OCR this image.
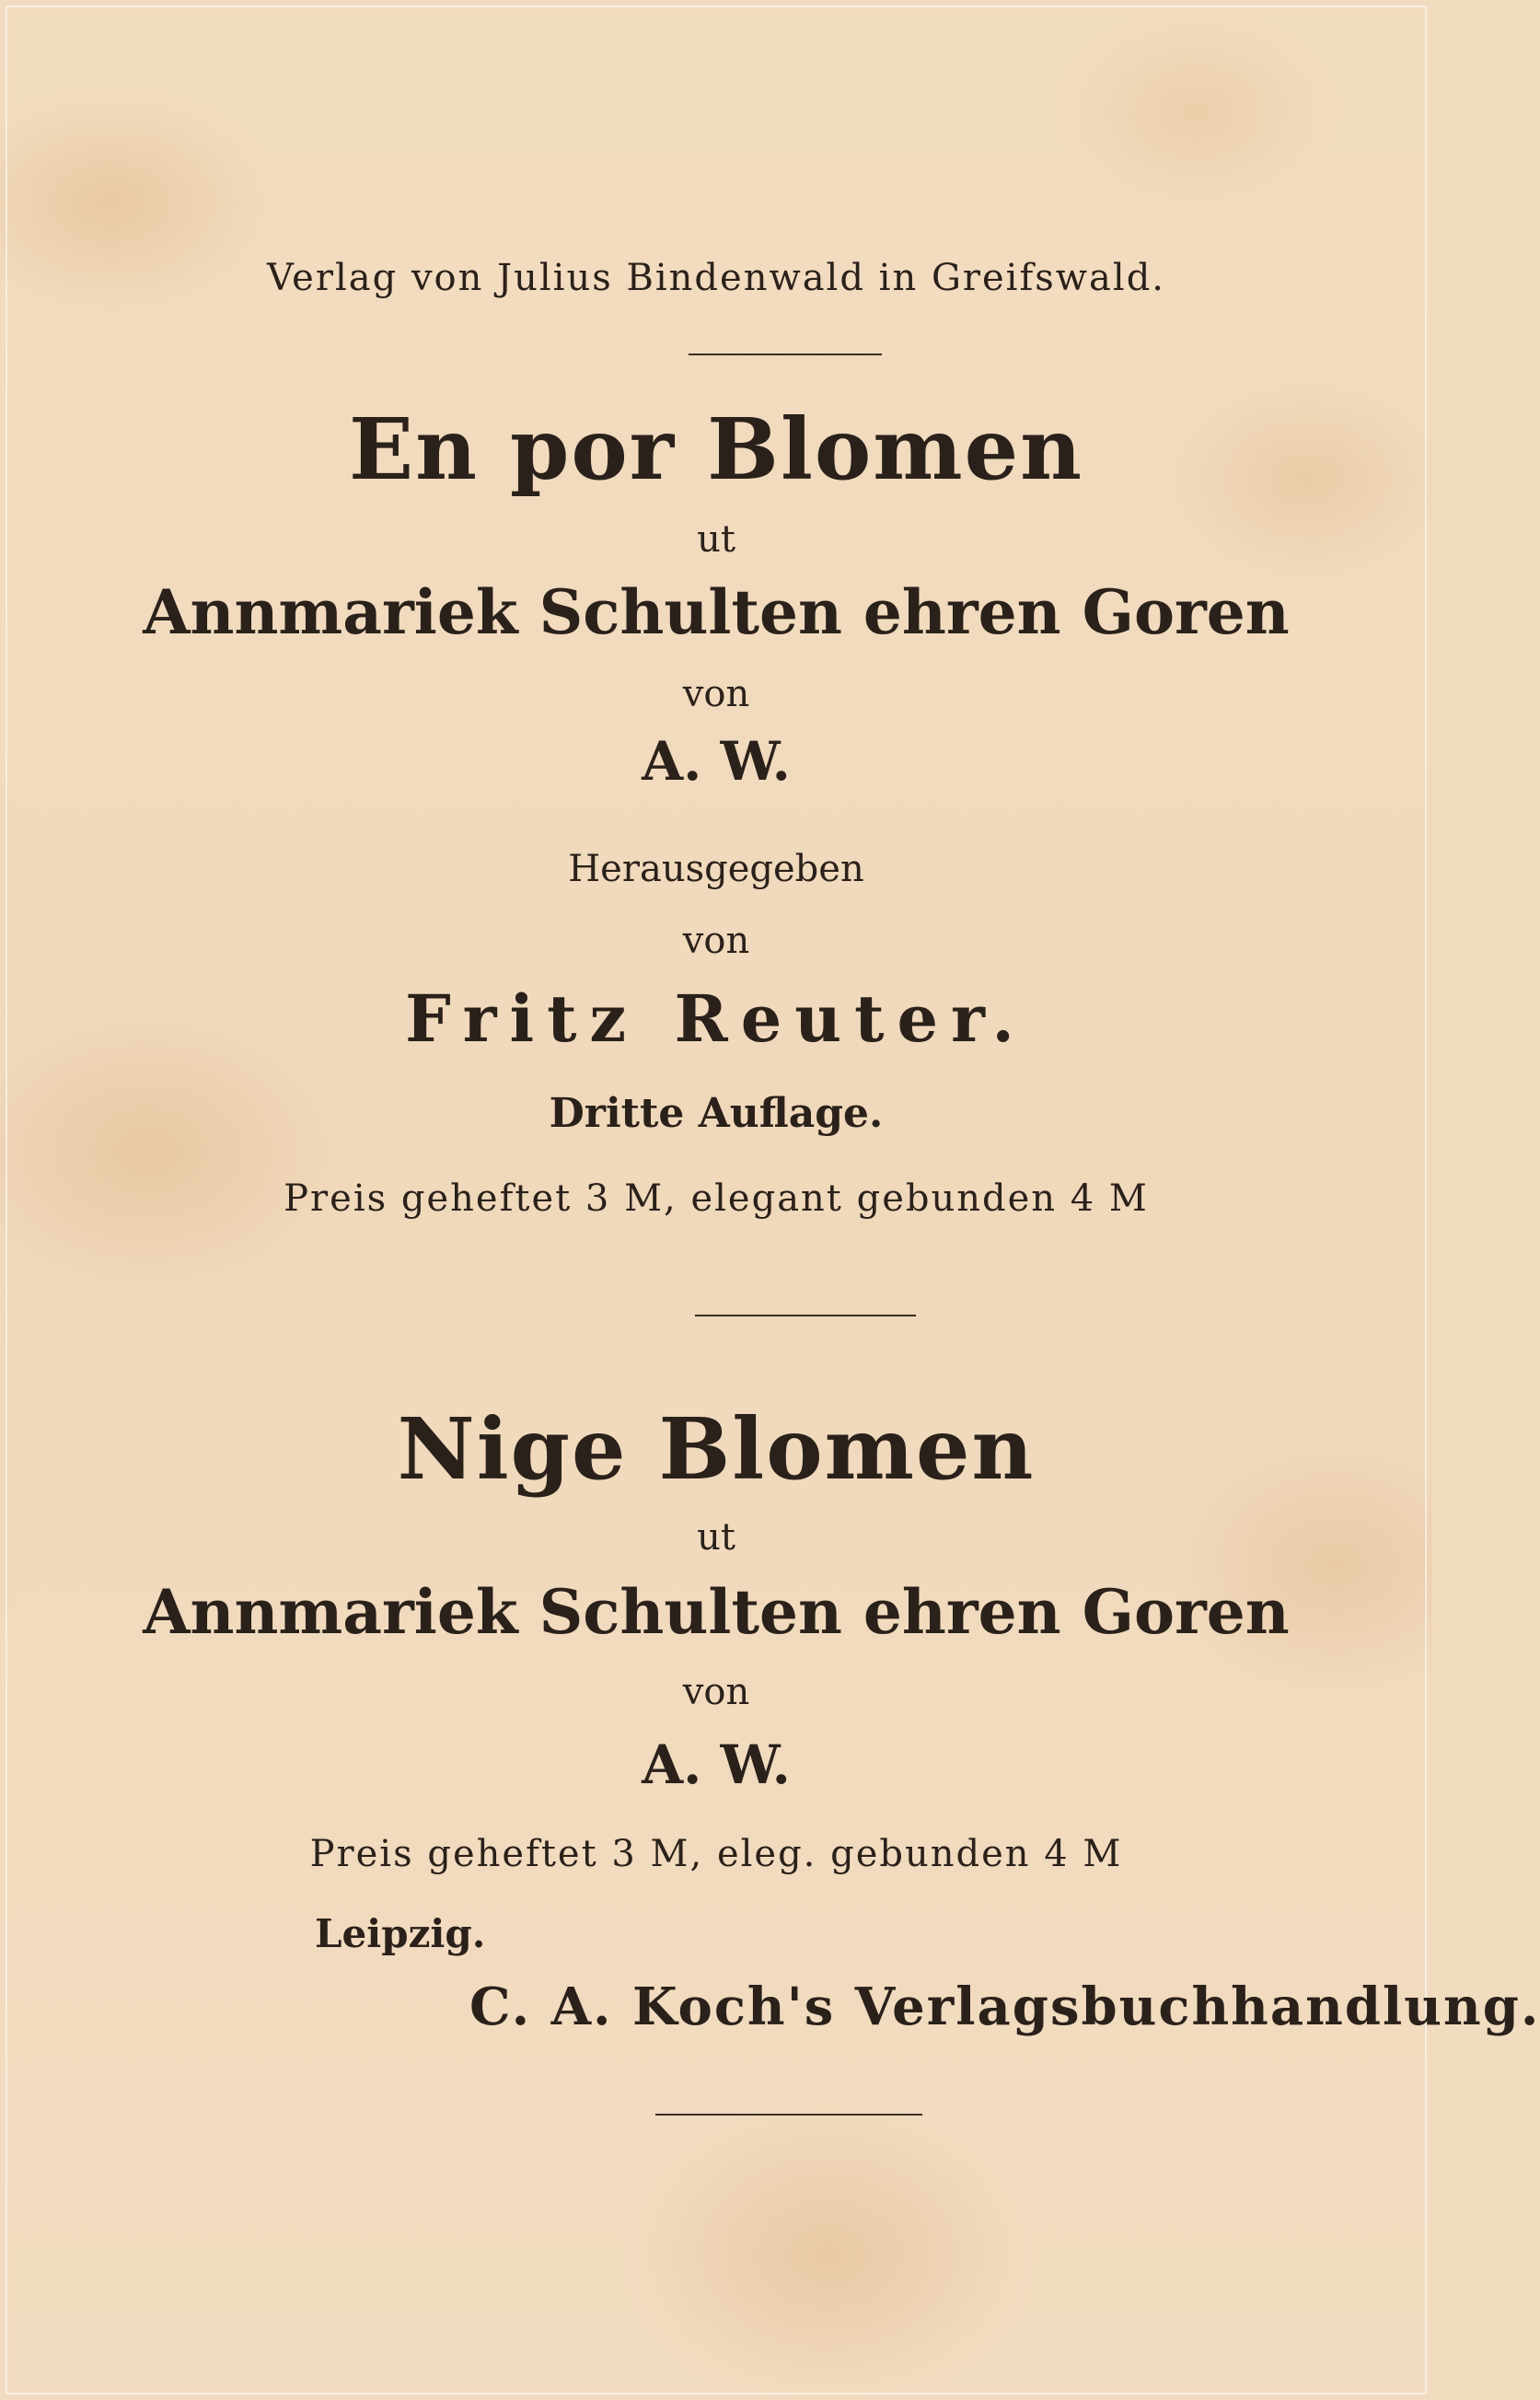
Verlag von Julius Bindenwald in Greifswald.
En por Blomen
ut
Annmariek Schulten ehren Goren
von
A. W.
Herausgegeben
von
Fritz Reuter.
Dritte Auflage.
Preis geheftet 3 M, elegant gebunden 4 M
Nige Blomen
ut
Annmariek Schulten ehren Goren
von
A. W.
Preis geheftet 3 M, eleg. gebunden 4 M
Leipzig.
C. A. Koch's Verlagsbuchhandlung.
